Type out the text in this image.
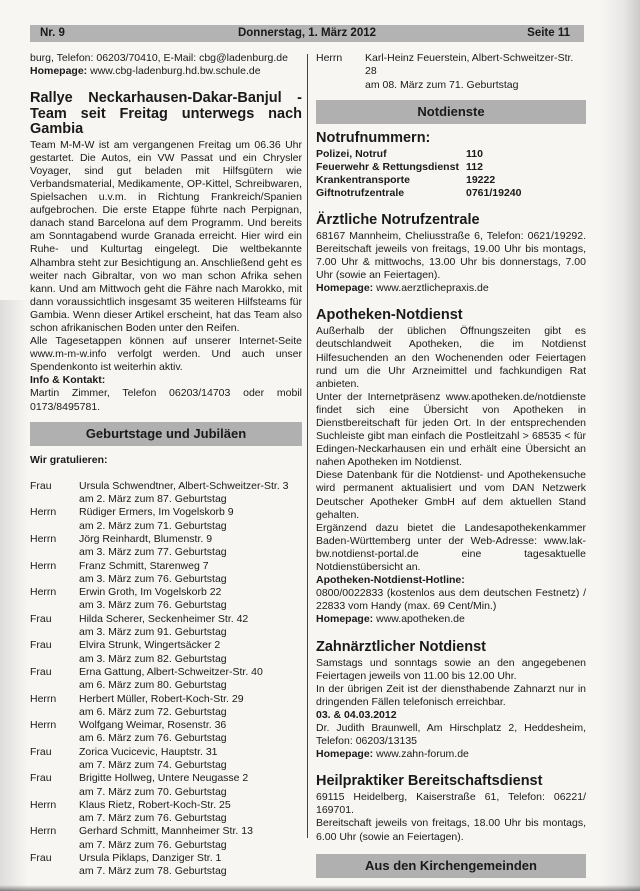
Nr. 9	Donnerstag, 1. März 2012	Seite 11

burg, Telefon: 06203/70410, E-Mail: cbg@ladenburg.de

Homepage: www.cbg-ladenburg.hd.bw.schule.de

Rallye Neckarhausen-Dakar-Banjul - Team seit Freitag unterwegs nach Gambia

Team M-M-W ist am vergangenen Freitag um 06.36 Uhr gestartet. Die Autos, ein VW Passat und ein Chrysler Voyager, sind gut beladen mit Hilfsgütern wie Verbandsmaterial, Medikamente, OP-Kittel, Schreibwaren, Spielsachen u.v.m. in Richtung Frankreich/Spanien aufgebrochen. Die erste Etappe führte nach Perpignan, danach stand Barcelona auf dem Programm. Und bereits am Sonntagabend wurde Granada erreicht. Hier wird ein Ruhe- und Kulturtag eingelegt. Die weltbekannte Alhambra steht zur Besichtigung an. Anschließend geht es weiter nach Gibraltar, von wo man schon Afrika sehen kann. Und am Mittwoch geht die Fähre nach Marokko, mit dann voraussichtlich insgesamt 35 weiteren Hilfsteams für Gambia. Wenn dieser Artikel erscheint, hat das Team also schon afrikanischen Boden unter den Reifen.

Alle Tagesetappen können auf unserer Internet-Seite www.m-m-w.info verfolgt werden. Und auch unser Spendenkonto ist weiterhin aktiv.

Info & Kontakt:

Martin Zimmer, Telefon 06203/14703 oder mobil 0173/8495781.

Geburtstage und Jubiläen

Wir gratulieren:

Frau	Ursula Schwendtner, Albert-Schweitzer-Str. 3
am 2. März zum 87. Geburtstag
Herrn Rüdiger Ermers, Im Vogelskorb 9
am 2. März zum 71. Geburtstag
Herrn Jörg Reinhardt, Blumenstr. 9
am 3. März zum 77. Geburtstag
Herrn Franz Schmitt, Starenweg 7
am 3. März zum 76. Geburtstag
Herrn Erwin Groth, Im Vogelskorb 22
am 3. März zum 76. Geburtstag
Frau	Hilda Scherer, Seckenheimer Str. 42
am 3. März zum 91. Geburtstag
Frau	Elvira Strunk, Wingertsäcker 2
am 3. März zum 82. Geburtstag
Frau	Erna Gattung, Albert-Schweitzer-Str. 40
am 6. März zum 80. Geburtstag
Herrn Herbert Müller, Robert-Koch-Str. 29
am 6. März zum 72. Geburtstag
Herrn Wolfgang Weimar, Rosenstr. 36
am 6. März zum 76. Geburtstag
Frau	Zorica Vucicevic, Hauptstr. 31
am 7. März zum 74. Geburtstag
Frau	Brigitte Hollweg, Untere Neugasse 2
am 7. März zum 70. Geburtstag
Herrn Klaus Rietz, Robert-Koch-Str. 25
am 7. März zum 76. Geburtstag
Herrn Gerhard Schmitt, Mannheimer Str. 13
am 7. März zum 76. Geburtstag
Frau	Ursula Piklaps, Danziger Str. 1
am 7. März zum 78. Geburtstag
Herrn Karl-Heinz Feuerstein, Albert-Schweitzer-Str. 28
am 08. März zum 71. Geburtstag
Notdienste
Notrufnummern:
Polizei, Notruf	110
Feuerwehr & Rettungsdienst 112
Krankentransporte	19222
Giftnotrufzentrale	0761/19240
Ärztliche Notrufzentrale

68167 Mannheim, Cheliusstraße 6, Telefon: 0621/19292. Bereitschaft jeweils von freitags, 19.00 Uhr bis montags, 7.00 Uhr & mittwochs, 13.00 Uhr bis donnerstags, 7.00 Uhr (sowie an Feiertagen).

Homepage: www.aerztlichepraxis.de

Apotheken-Notdienst

Außerhalb der üblichen Öffnungszeiten gibt es deutschlandweit Apotheken, die im Notdienst Hilfesuchenden an den Wochenenden oder Feiertagen rund um die Uhr Arzneimittel und fachkundigen Rat anbieten.

Unter der Internetpräsenz www.apotheken.de/notdienste findet sich eine Übersicht von Apotheken in Dienstbereitschaft für jeden Ort. In der entsprechenden Suchleiste gibt man einfach die Postleitzahl > 68535 < für Edingen-Neckarhausen ein und erhält eine Übersicht an nahen Apotheken im Notdienst.

Diese Datenbank für die Notdienst- und Apothekensuche wird permanent aktualisiert und vom DAN Netzwerk Deutscher Apotheker GmbH auf dem aktuellen Stand gehalten.

Ergänzend dazu bietet die Landesapothekenkammer Baden-Württemberg unter der Web-Adresse: www.lak-bw.notdienst-portal.de eine tagesaktuelle Notdienstübersicht an.

Apotheken-Notdienst-Hotline:

0800/0022833 (kostenlos aus dem deutschen Festnetz) / 22833 vom Handy (max. 69 Cent/Min.)

Homepage: www.apotheken.de

Zahnärztlicher Notdienst

Samstags und sonntags sowie an den angegebenen Feiertagen jeweils von 11.00 bis 12.00 Uhr.

In der übrigen Zeit ist der diensthabende Zahnarzt nur in dringenden Fällen telefonisch erreichbar.

03. & 04.03.2012

Dr. Judith Braunwell, Am Hirschplatz 2, Heddesheim, Telefon: 06203/13135

Homepage: www.zahn-forum.de

Heilpraktiker Bereitschaftsdienst

69115 Heidelberg, Kaiserstraße 61, Telefon: 06221/ 169701.

Bereitschaft jeweils von freitags, 18.00 Uhr bis montags, 6.00 Uhr (sowie an Feiertagen).

Aus den Kirchengemeinden
